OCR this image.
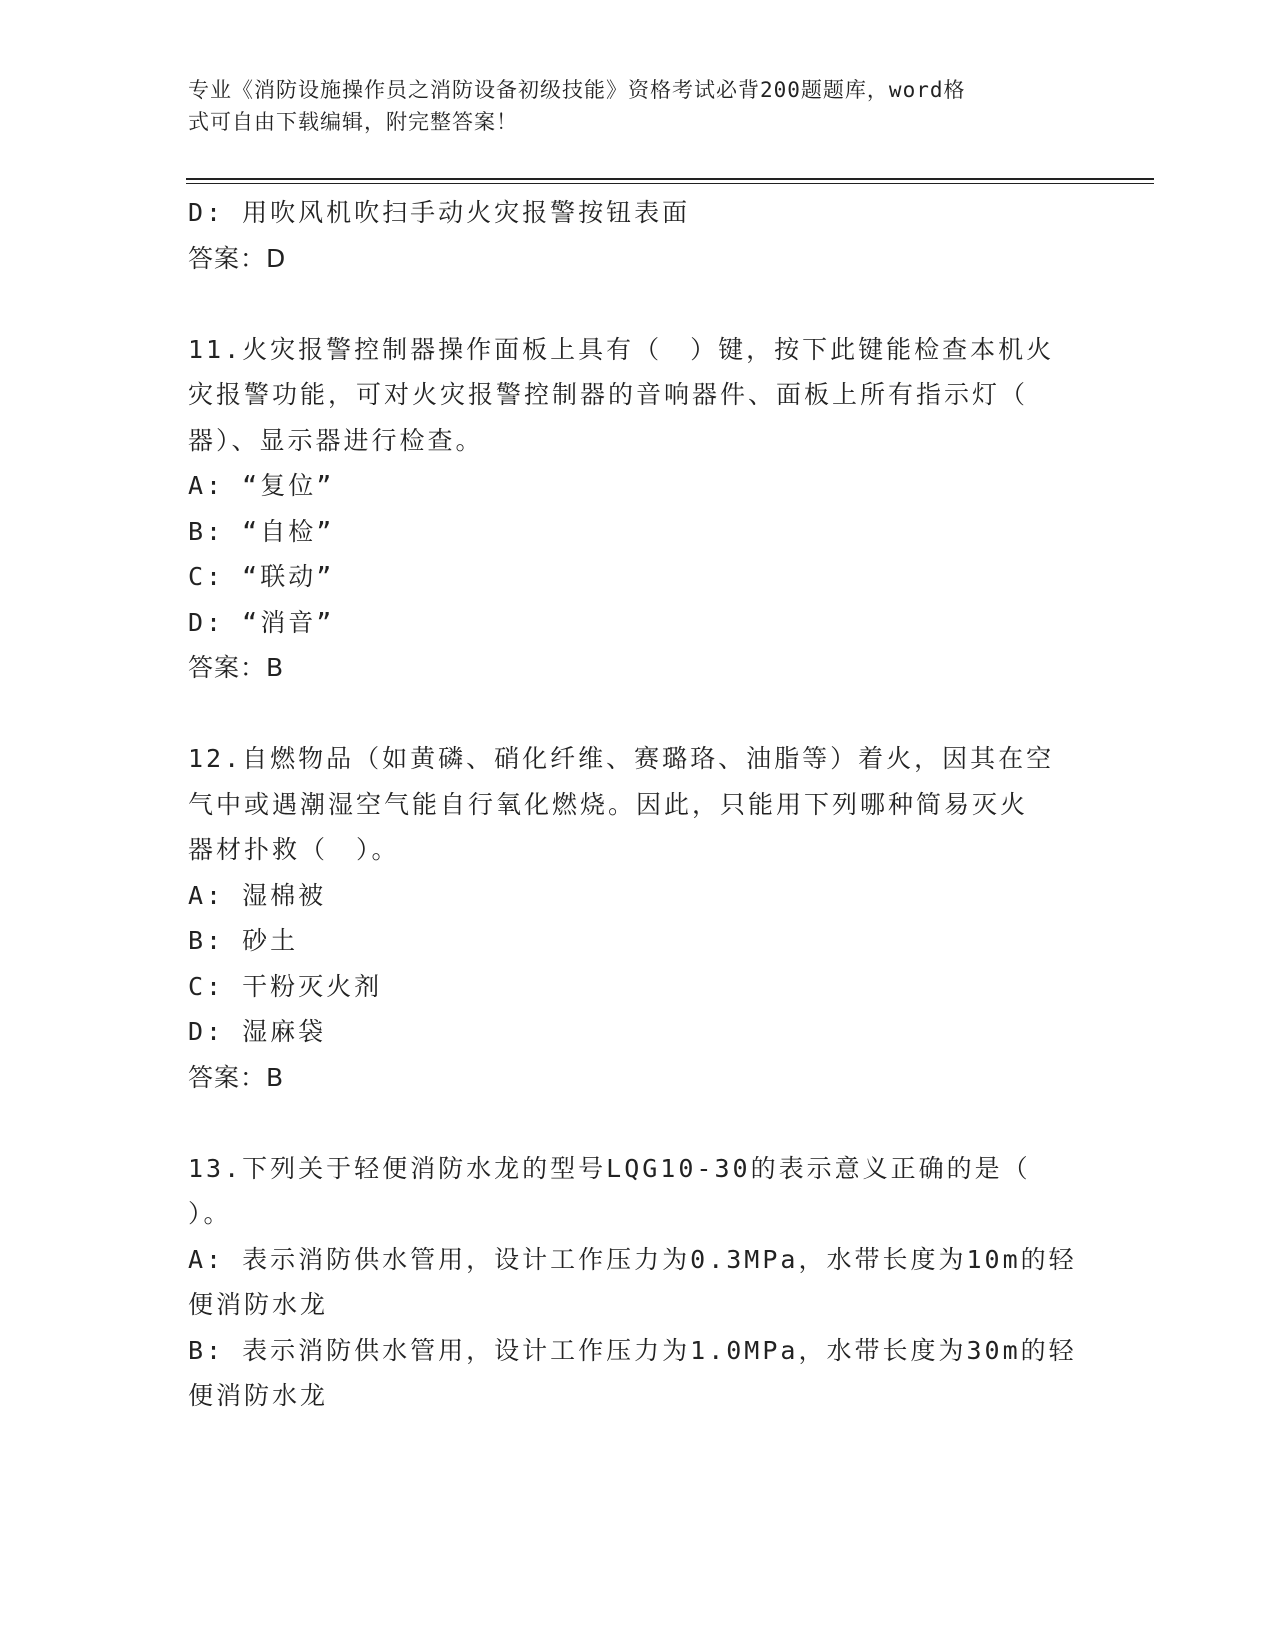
专业《消防设施操作员之消防设备初级技能》资格考试必背200题题库，word格
式可自由下载编辑，附完整答案！
D: 用吹风机吹扫手动火灾报警按钮表面
答案：D
11.火灾报警控制器操作面板上具有（　）键，按下此键能检查本机火
灾报警功能，可对火灾报警控制器的音响器件、面板上所有指示灯（
器）、显示器进行检查。
A: “复位”
B: “自检”
C: “联动”
D: “消音”
答案：B
12.自燃物品（如黄磷、硝化纤维、赛璐珞、油脂等）着火，因其在空
气中或遇潮湿空气能自行氧化燃烧。因此，只能用下列哪种简易灭火
器材扑救（　）。
A: 湿棉被
B: 砂土
C: 干粉灭火剂
D: 湿麻袋
答案：B
13.下列关于轻便消防水龙的型号LQG10-30的表示意义正确的是（
）。
A: 表示消防供水管用，设计工作压力为0.3MPa，水带长度为10m的轻
便消防水龙
B: 表示消防供水管用，设计工作压力为1.0MPa，水带长度为30m的轻
便消防水龙
